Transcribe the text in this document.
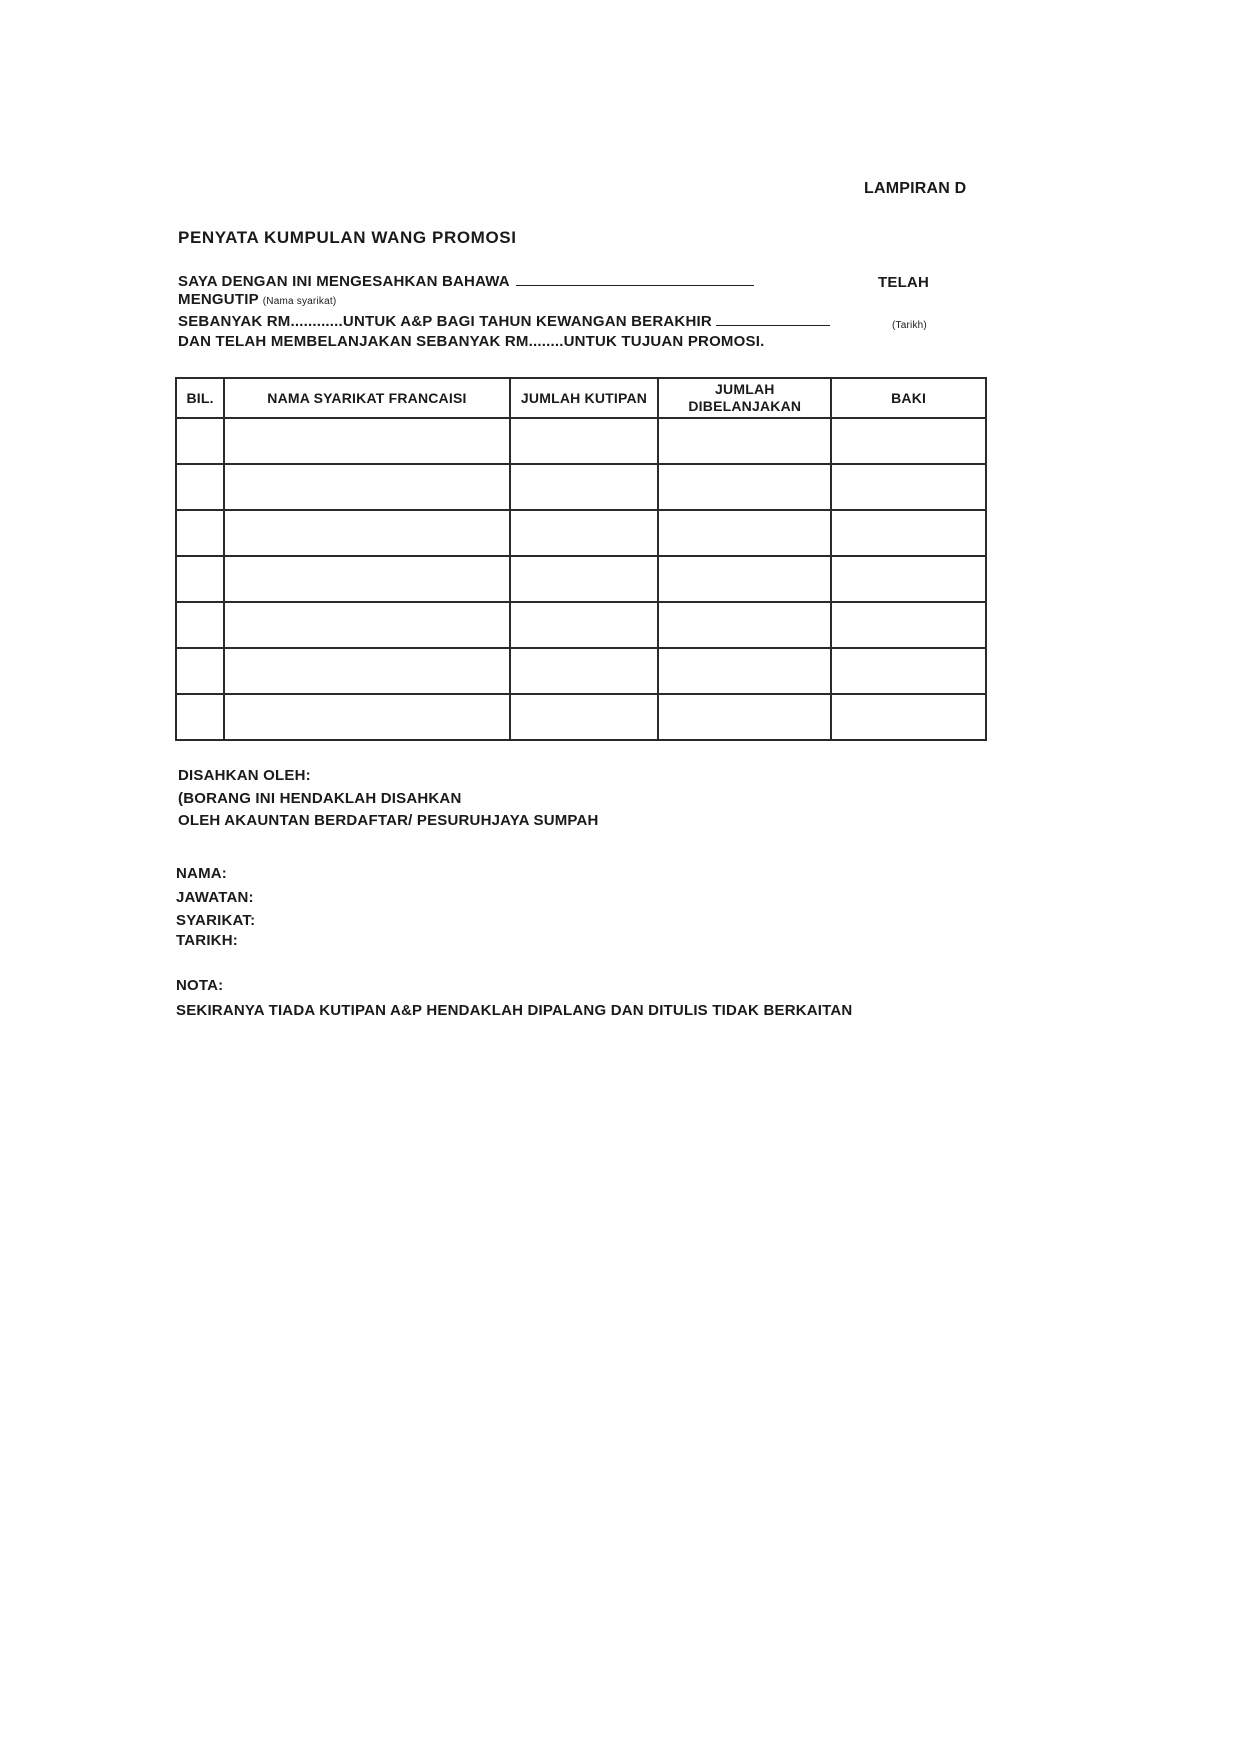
LAMPIRAN D
PENYATA KUMPULAN WANG PROMOSI
SAYA DENGAN INI MENGESAHKAN BAHAWA	TELAH
MENGUTIP (Nama syarikat)
SEBANYAK RM............UNTUK A&P BAGI TAHUN KEWANGAN BERAKHIR	(Tarikh)
DAN TELAH MEMBELANJAKAN SEBANYAK RM........UNTUK TUJUAN PROMOSI.
BIL.	NAMA SYARIKAT FRANCAISI	JUMLAH KUTIPAN	JUMLAH DIBELANJAKAN	BAKI

DISAHKAN OLEH:
(BORANG INI HENDAKLAH DISAHKAN
OLEH AKAUNTAN BERDAFTAR/ PESURUHJAYA SUMPAH
NAMA:
JAWATAN:
SYARIKAT:
TARIKH:
NOTA:
SEKIRANYA TIADA KUTIPAN A&P HENDAKLAH DIPALANG DAN DITULIS TIDAK BERKAITAN
